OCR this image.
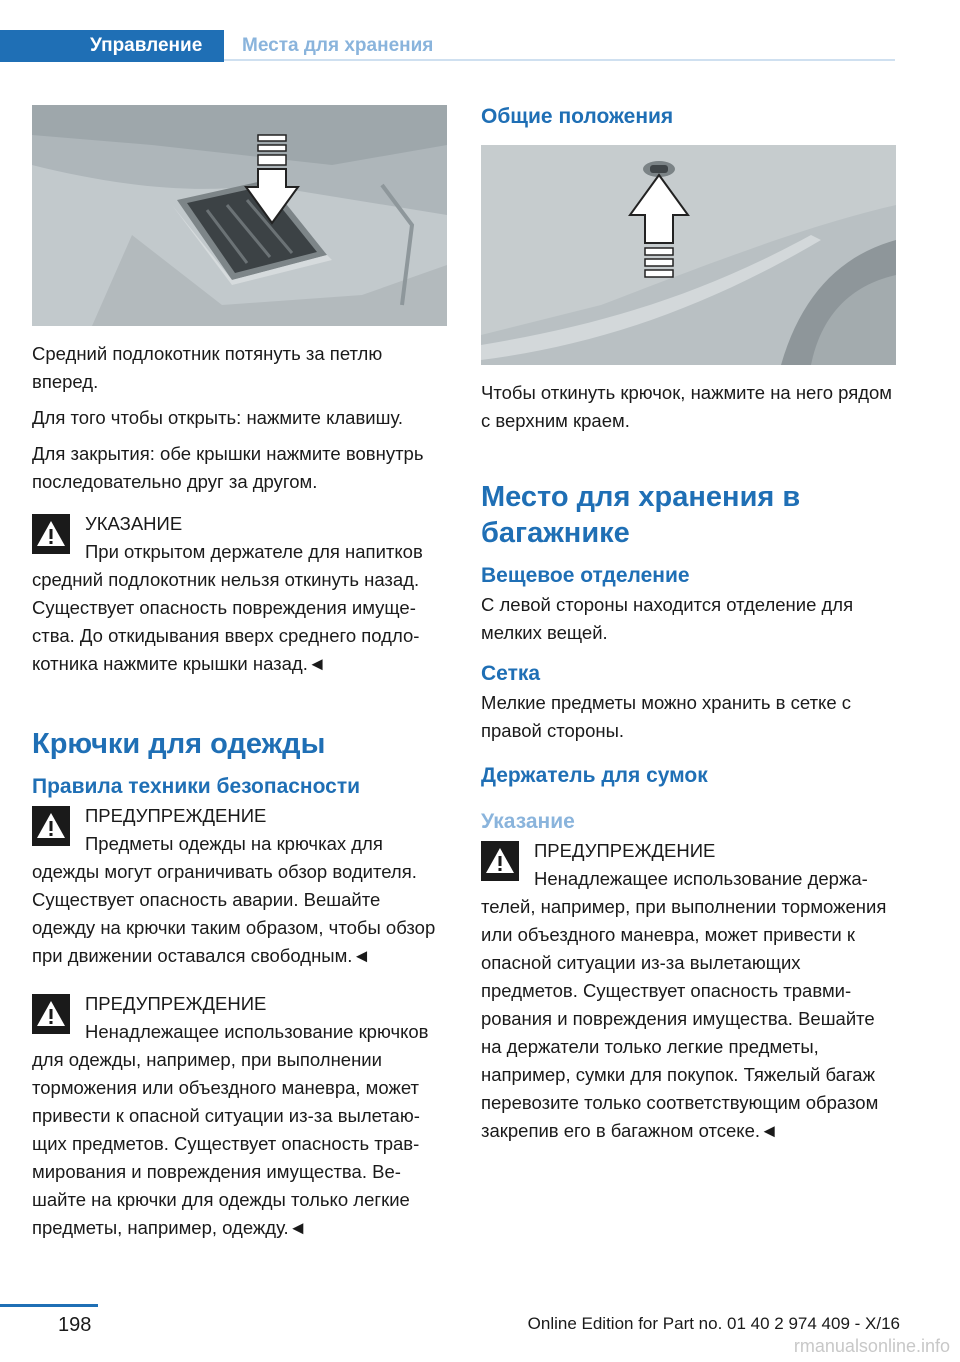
Управление Места для хранения

Средний подлокотник потянуть за петлю вперед.

Для того чтобы открыть: нажмите клавишу.

Для закрытия: обе крышки нажмите вовнутрь последовательно друг за другом.

УКАЗАНИЕ
При открытом держателе для напитков средний подлокотник нельзя откинуть назад. Существует опасность повреждения имущества. До откидывания вверх среднего подлокотника нажмите крышки назад.◄
Крючки для одежды
Правила техники безопасности
ПРЕДУПРЕЖДЕНИЕ
Предметы одежды на крючках для одежды могут ограничивать обзор водителя. Существует опасность аварии. Вешайте одежду на крючки таким образом, чтобы обзор при движении оставался свободным.◄
ПРЕДУПРЕЖДЕНИЕ
Ненадлежащее использование крючков для одежды, например, при выполнении торможения или объездного маневра, может привести к опасной ситуации из-за вылетающих предметов. Существует опасность травмирования и повреждения имущества. Вешайте на крючки для одежды только легкие предметы, например, одежду.◄
Общие положения

Чтобы откинуть крючок, нажмите на него рядом с верхним краем.

Место для хранения в багажнике
Вещевое отделение

С левой стороны находится отделение для мелких вещей.

Сетка

Мелкие предметы можно хранить в сетке с правой стороны.

Держатель для сумок
Указание
ПРЕДУПРЕЖДЕНИЕ
Ненадлежащее использование держателей, например, при выполнении торможения или объездного маневра, может привести к опасной ситуации из-за вылетающих предметов. Существует опасность травмирования и повреждения имущества. Вешайте на держатели только легкие предметы, например, сумки для покупок. Тяжелый багаж перевозите только соответствующим образом закрепив его в багажном отсеке.◄
198	Online Edition for Part no. 01 40 2 974 409 - X/16
rmanualsonline.info
